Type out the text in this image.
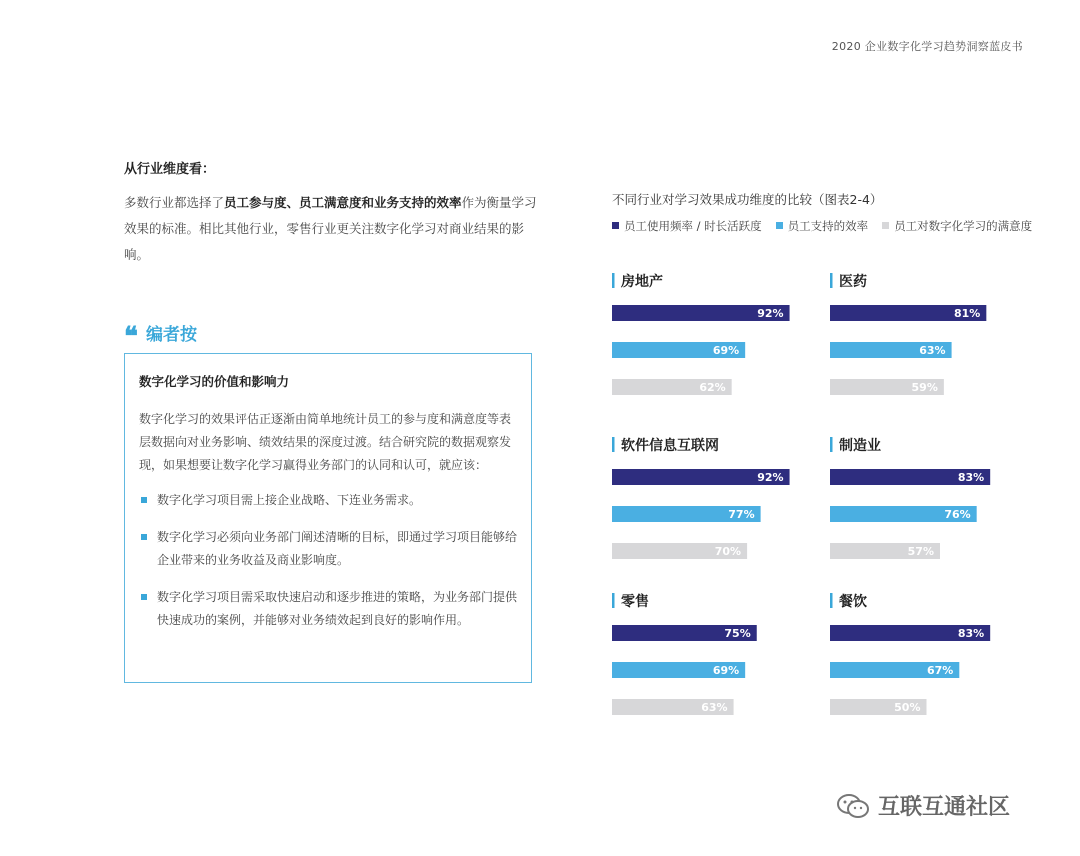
2020 企业数字化学习趋势洞察蓝皮书
从行业维度看：
多数行业都选择了员工参与度、员工满意度和业务支持的效率作为衡量学习效果的标准。相比其他行业，零售行业更关注数字化学习对商业结果的影响。
❝ 编者按
数字化学习的价值和影响力

数字化学习的效果评估正逐渐由简单地统计员工的参与度和满意度等表层数据向对业务影响、绩效结果的深度过渡。结合研究院的数据观察发现，如果想要让数字化学习赢得业务部门的认同和认可，就应该：

数字化学习项目需上接企业战略、下连业务需求。
数字化学习必须向业务部门阐述清晰的目标，即通过学习项目能够给企业带来的业务收益及商业影响度。
数字化学习项目需采取快速启动和逐步推进的策略，为业务部门提供快速成功的案例，并能够对业务绩效起到良好的影响作用。
不同行业对学习效果成功维度的比较（图表2-4）
员工使用频率 / 时长活跃度	员工支持的效率	员工对数字化学习的满意度
房地产
92%
69%
62%
医药
81%
63%
59%
软件信息互联网
92%
77%
70%
制造业
83%
76%
57%
零售
75%
69%
63%
餐饮
83%
67%
50%
互联互通社区
